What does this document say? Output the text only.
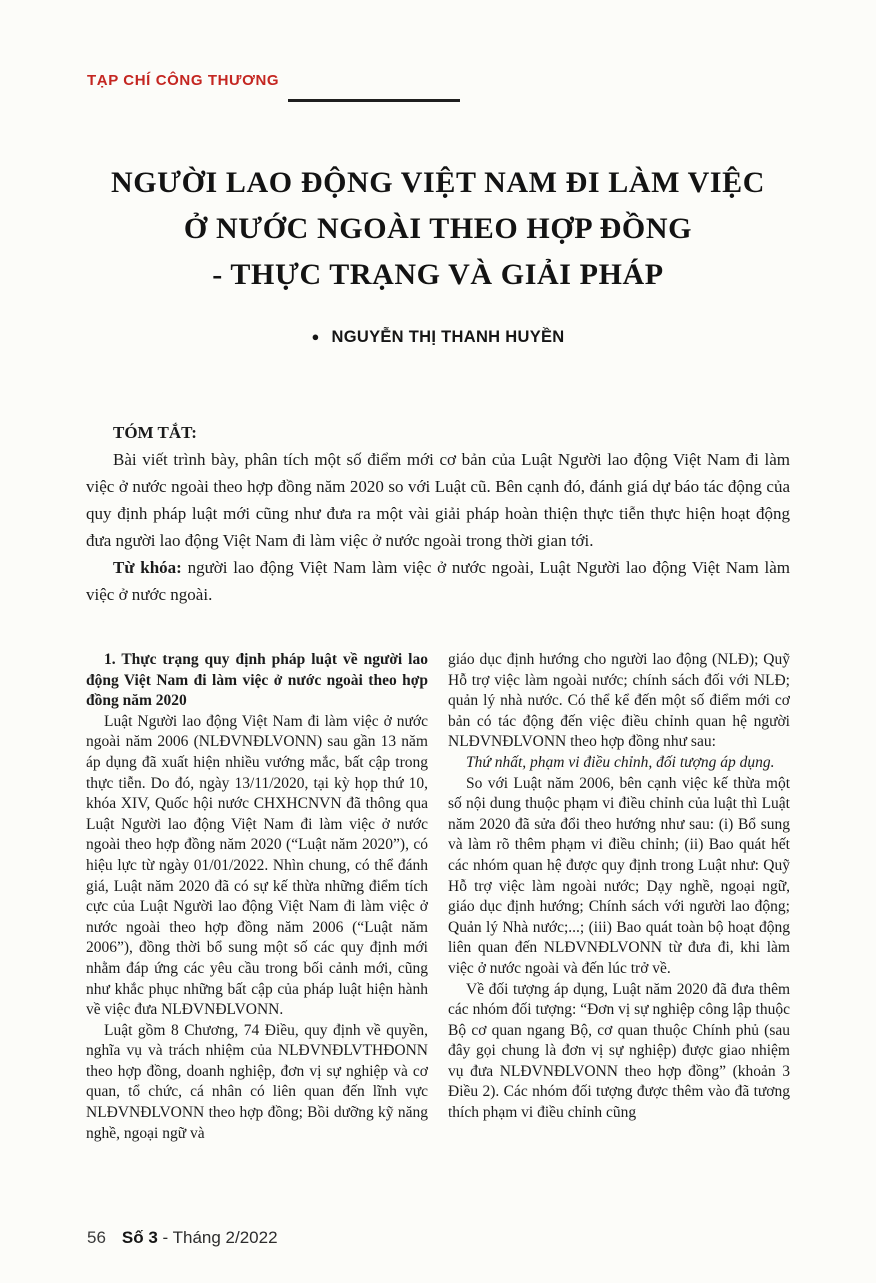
TẠP CHÍ CÔNG THƯƠNG
NGƯỜI LAO ĐỘNG VIỆT NAM ĐI LÀM VIỆC
Ở NƯỚC NGOÀI THEO HỢP ĐỒNG
- THỰC TRẠNG VÀ GIẢI PHÁP
● NGUYỄN THỊ THANH HUYỀN

TÓM TẮT:

Bài viết trình bày, phân tích một số điểm mới cơ bản của Luật Người lao động Việt Nam đi làm việc ở nước ngoài theo hợp đồng năm 2020 so với Luật cũ. Bên cạnh đó, đánh giá dự báo tác động của quy định pháp luật mới cũng như đưa ra một vài giải pháp hoàn thiện thực tiễn thực hiện hoạt động đưa người lao động Việt Nam đi làm việc ở nước ngoài trong thời gian tới.

Từ khóa: người lao động Việt Nam làm việc ở nước ngoài, Luật Người lao động Việt Nam làm việc ở nước ngoài.

1. Thực trạng quy định pháp luật về người lao động Việt Nam đi làm việc ở nước ngoài theo hợp đồng năm 2020

Luật Người lao động Việt Nam đi làm việc ở nước ngoài năm 2006 (NLĐVNĐLVONN) sau gần 13 năm áp dụng đã xuất hiện nhiều vướng mắc, bất cập trong thực tiễn. Do đó, ngày 13/11/2020, tại kỳ họp thứ 10, khóa XIV, Quốc hội nước CHXHCNVN đã thông qua Luật Người lao động Việt Nam đi làm việc ở nước ngoài theo hợp đồng năm 2020 (“Luật năm 2020”), có hiệu lực từ ngày 01/01/2022. Nhìn chung, có thể đánh giá, Luật năm 2020 đã có sự kế thừa những điểm tích cực của Luật Người lao động Việt Nam đi làm việc ở nước ngoài theo hợp đồng năm 2006 (“Luật năm 2006”), đồng thời bổ sung một số các quy định mới nhằm đáp ứng các yêu cầu trong bối cảnh mới, cũng như khắc phục những bất cập của pháp luật hiện hành về việc đưa NLĐVNĐLVONN.

Luật gồm 8 Chương, 74 Điều, quy định về quyền, nghĩa vụ và trách nhiệm của NLĐVNĐLVTHĐONN theo hợp đồng, doanh nghiệp, đơn vị sự nghiệp và cơ quan, tổ chức, cá nhân có liên quan đến lĩnh vực NLĐVNĐLVONN theo hợp đồng; Bồi dưỡng kỹ năng nghề, ngoại ngữ và

giáo dục định hướng cho người lao động (NLĐ); Quỹ Hỗ trợ việc làm ngoài nước; chính sách đối với NLĐ; quản lý nhà nước. Có thể kể đến một số điểm mới cơ bản có tác động đến việc điều chỉnh quan hệ người NLĐVNĐLVONN theo hợp đồng như sau:

Thứ nhất, phạm vi điều chỉnh, đối tượng áp dụng.

So với Luật năm 2006, bên cạnh việc kế thừa một số nội dung thuộc phạm vi điều chỉnh của luật thì Luật năm 2020 đã sửa đổi theo hướng như sau: (i) Bổ sung và làm rõ thêm phạm vi điều chỉnh; (ii) Bao quát hết các nhóm quan hệ được quy định trong Luật như: Quỹ Hỗ trợ việc làm ngoài nước; Dạy nghề, ngoại ngữ, giáo dục định hướng; Chính sách với người lao động; Quản lý Nhà nước;...; (iii) Bao quát toàn bộ hoạt động liên quan đến NLĐVNĐLVONN từ đưa đi, khi làm việc ở nước ngoài và đến lúc trở về.

Về đối tượng áp dụng, Luật năm 2020 đã đưa thêm các nhóm đối tượng: “Đơn vị sự nghiệp công lập thuộc Bộ cơ quan ngang Bộ, cơ quan thuộc Chính phủ (sau đây gọi chung là đơn vị sự nghiệp) được giao nhiệm vụ đưa NLĐVNĐLVONN theo hợp đồng” (khoản 3 Điều 2). Các nhóm đối tượng được thêm vào đã tương thích phạm vi điều chỉnh cũng

56 Số 3 - Tháng 2/2022
